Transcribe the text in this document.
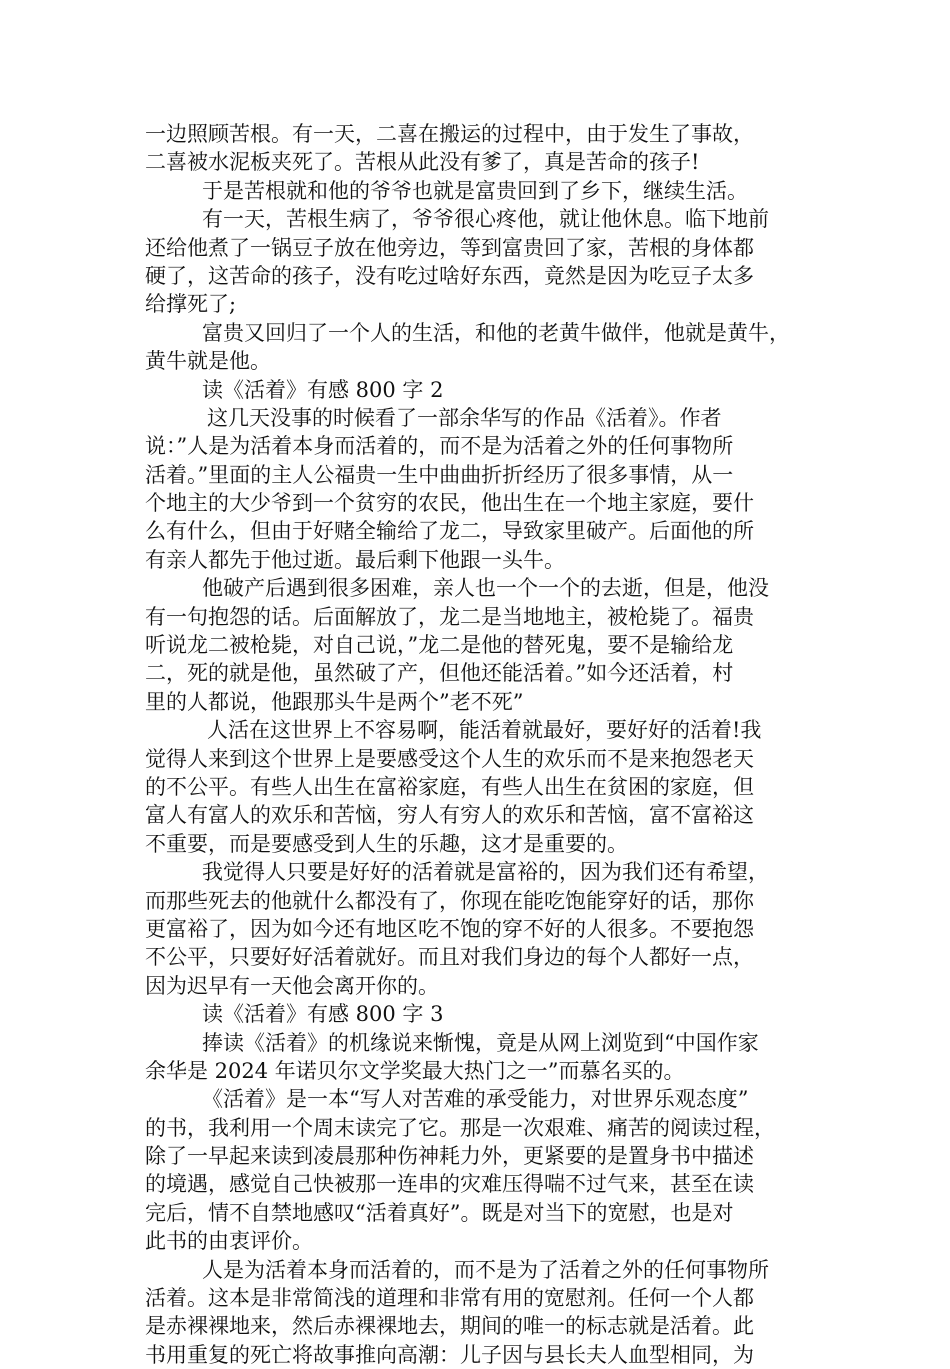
一边照顾苦根。有一天，二喜在搬运的过程中，由于发生了事故，
二喜被水泥板夹死了。苦根从此没有爹了，真是苦命的孩子!
于是苦根就和他的爷爷也就是富贵回到了乡下，继续生活。
有一天，苦根生病了，爷爷很心疼他，就让他休息。临下地前
还给他煮了一锅豆子放在他旁边，等到富贵回了家，苦根的身体都
硬了，这苦命的孩子，没有吃过啥好东西，竟然是因为吃豆子太多
给撑死了;
富贵又回归了一个人的生活，和他的老黄牛做伴，他就是黄牛，
黄牛就是他。
读《活着》有感 800 字 2
这几天没事的时候看了一部余华写的作品《活着》。作者
说：”人是为活着本身而活着的，而不是为活着之外的任何事物所
活着。”里面的主人公福贵一生中曲曲折折经历了很多事情，从一
个地主的大少爷到一个贫穷的农民，他出生在一个地主家庭，要什
么有什么，但由于好赌全输给了龙二，导致家里破产。后面他的所
有亲人都先于他过逝。最后剩下他跟一头牛。
他破产后遇到很多困难，亲人也一个一个的去逝，但是，他没
有一句抱怨的话。后面解放了，龙二是当地地主，被枪毙了。福贵
听说龙二被枪毙，对自己说，”龙二是他的替死鬼，要不是输给龙
二，死的就是他，虽然破了产，但他还能活着。”如今还活着，村
里的人都说，他跟那头牛是两个”老不死”
人活在这世界上不容易啊，能活着就最好，要好好的活着!我
觉得人来到这个世界上是要感受这个人生的欢乐而不是来抱怨老天
的不公平。有些人出生在富裕家庭，有些人出生在贫困的家庭，但
富人有富人的欢乐和苦恼，穷人有穷人的欢乐和苦恼，富不富裕这
不重要，而是要感受到人生的乐趣，这才是重要的。
我觉得人只要是好好的活着就是富裕的，因为我们还有希望，
而那些死去的他就什么都没有了，你现在能吃饱能穿好的话，那你
更富裕了，因为如今还有地区吃不饱的穿不好的人很多。不要抱怨
不公平，只要好好活着就好。而且对我们身边的每个人都好一点，
因为迟早有一天他会离开你的。
读《活着》有感 800 字 3
捧读《活着》的机缘说来惭愧，竟是从网上浏览到“中国作家
余华是 2024 年诺贝尔文学奖最大热门之一”而慕名买的。
《活着》是一本“写人对苦难的承受能力，对世界乐观态度”
的书，我利用一个周末读完了它。那是一次艰难、痛苦的阅读过程，
除了一早起来读到凌晨那种伤神耗力外，更紧要的是置身书中描述
的境遇，感觉自己快被那一连串的灾难压得喘不过气来，甚至在读
完后，情不自禁地感叹“活着真好”。既是对当下的宽慰，也是对
此书的由衷评价。
人是为活着本身而活着的，而不是为了活着之外的任何事物所
活着。这本是非常简浅的道理和非常有用的宽慰剂。任何一个人都
是赤裸裸地来，然后赤裸裸地去，期间的唯一的标志就是活着。此
书用重复的死亡将故事推向高潮：儿子因与县长夫人血型相同，为
